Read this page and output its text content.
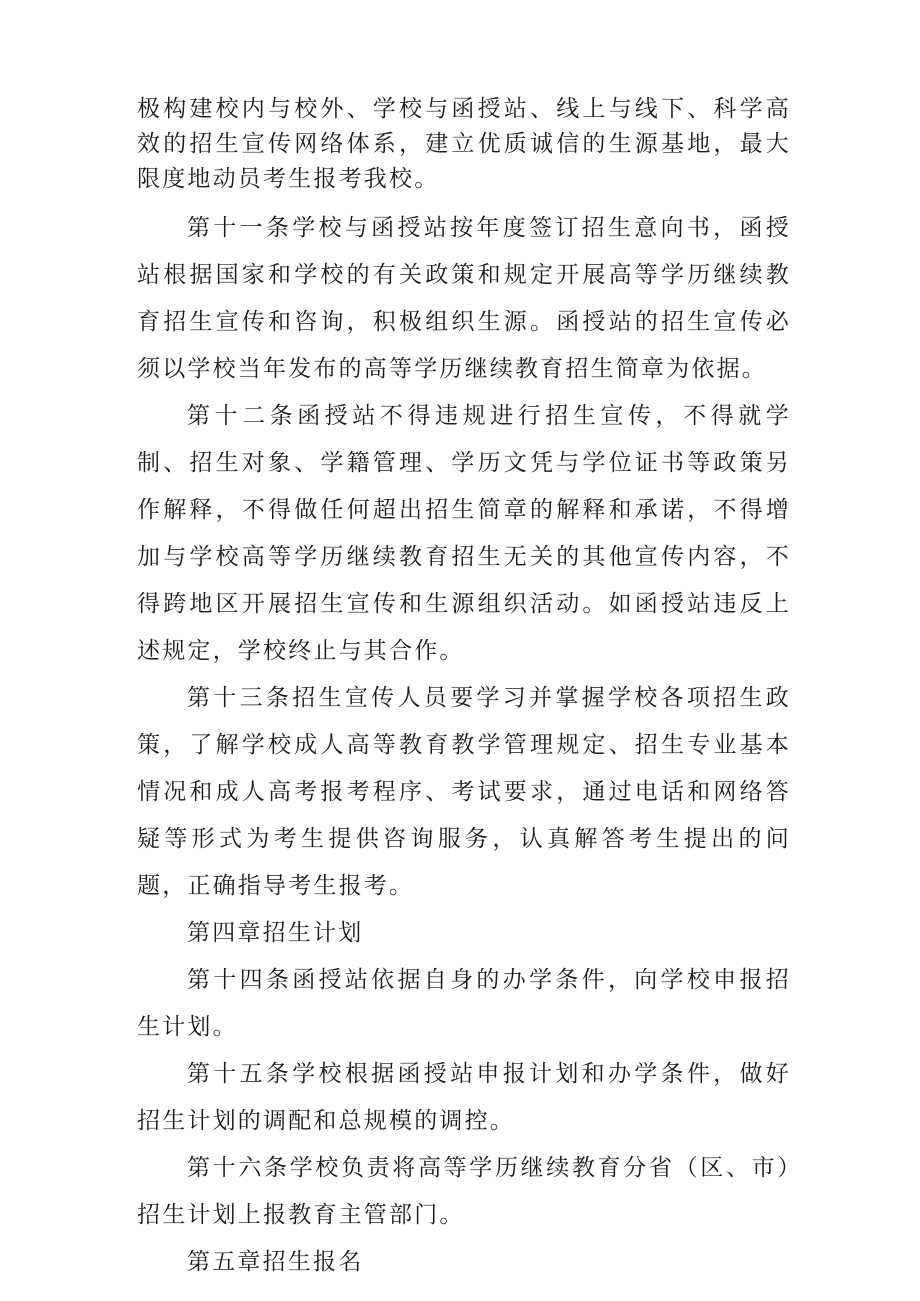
极构建校内与校外、学校与函授站、线上与线下、科学高效的招生宣传网络体系，建立优质诚信的生源基地，最大限度地动员考生报考我校。

第十一条学校与函授站按年度签订招生意向书，函授站根据国家和学校的有关政策和规定开展高等学历继续教育招生宣传和咨询，积极组织生源。函授站的招生宣传必须以学校当年发布的高等学历继续教育招生简章为依据。

第十二条函授站不得违规进行招生宣传，不得就学制、招生对象、学籍管理、学历文凭与学位证书等政策另作解释，不得做任何超出招生简章的解释和承诺，不得增加与学校高等学历继续教育招生无关的其他宣传内容，不得跨地区开展招生宣传和生源组织活动。如函授站违反上述规定，学校终止与其合作。

第十三条招生宣传人员要学习并掌握学校各项招生政策，了解学校成人高等教育教学管理规定、招生专业基本情况和成人高考报考程序、考试要求，通过电话和网络答疑等形式为考生提供咨询服务，认真解答考生提出的问题，正确指导考生报考。

第四章招生计划

第十四条函授站依据自身的办学条件，向学校申报招生计划。

第十五条学校根据函授站申报计划和办学条件，做好招生计划的调配和总规模的调控。

第十六条学校负责将高等学历继续教育分省（区、市）招生计划上报教育主管部门。

第五章招生报名
